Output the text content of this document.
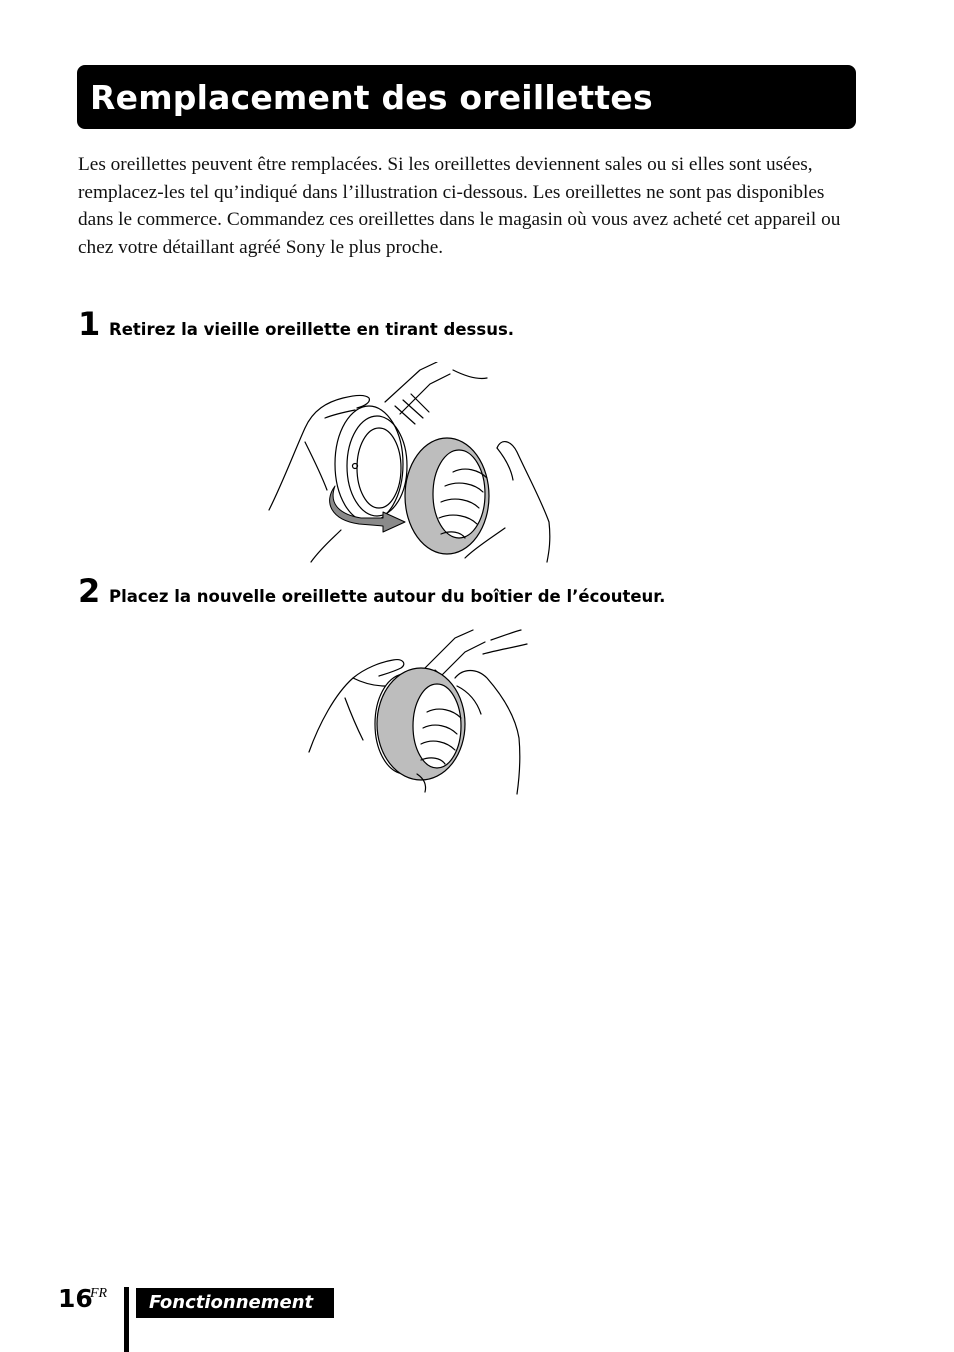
Remplacement des oreillettes

Les oreillettes peuvent être remplacées. Si les oreillettes deviennent sales ou si elles sont usées, remplacez-les tel qu’indiqué dans l’illustration ci-dessous. Les oreillettes ne sont pas disponibles dans le commerce. Commandez ces oreillettes dans le magasin où vous avez acheté cet appareil ou chez votre détaillant agréé Sony le plus proche.

1 Retirez la vieille oreillette en tirant dessus.
2 Placez la nouvelle oreillette autour du boîtier de l’écouteur.
16
FR	Fonctionnement
